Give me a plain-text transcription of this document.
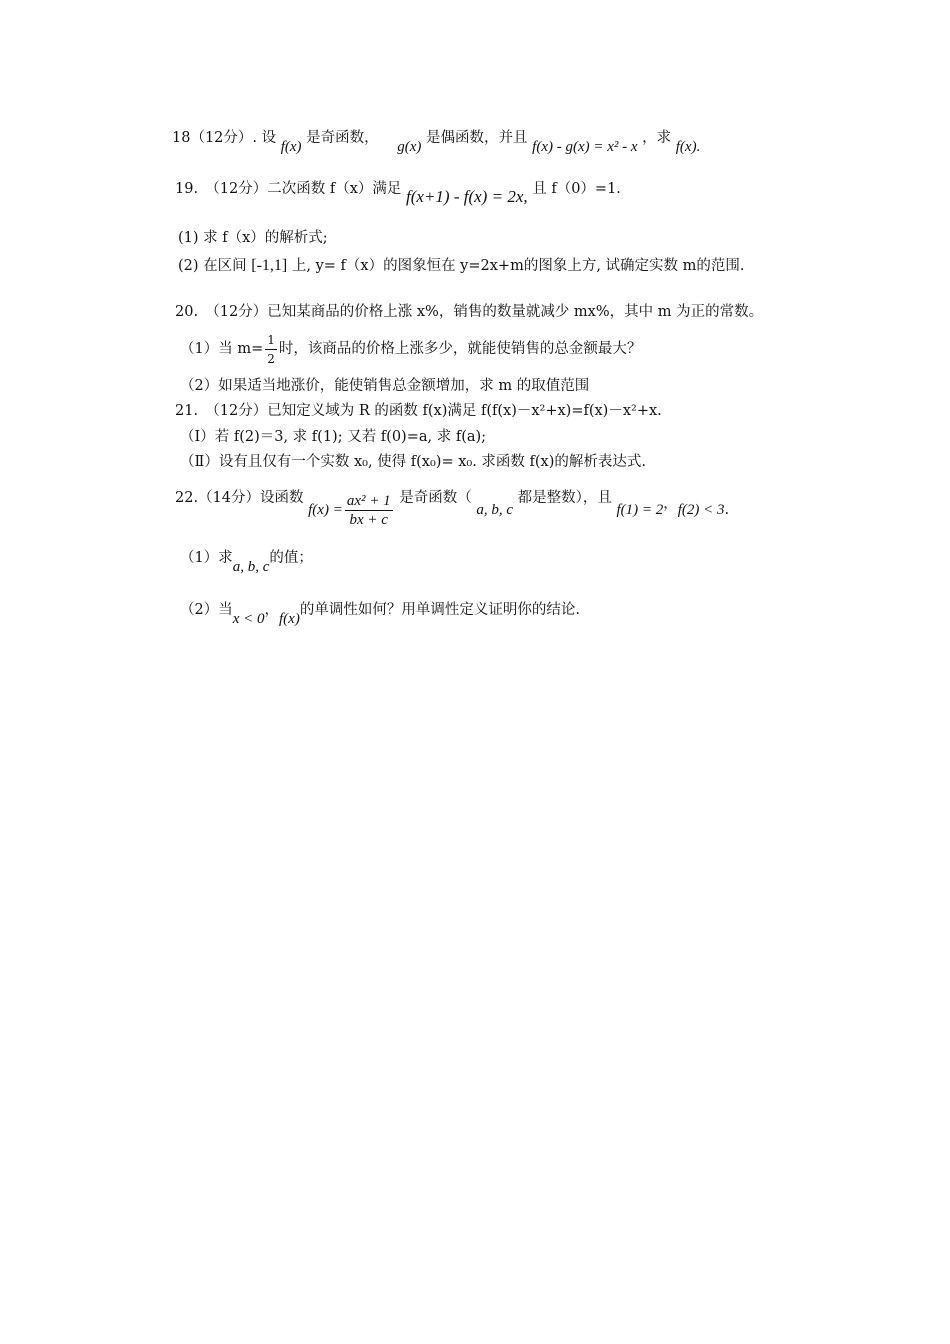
18（12分）. 设 f(x) 是奇函数， g(x) 是偶函数，并且 f(x) - g(x) = x² - x ，求 f(x).
19.　（12分）二次函数 f（x）满足 f(x+1) - f(x) = 2x, 且 f（0）=1.
(1) 求 f（x）的解析式;
(2) 在区间 [-1,1] 上, y= f（x）的图象恒在 y=2x+m的图象上方, 试确定实数 m的范围.
20.　（12分）已知某商品的价格上涨 x%，销售的数量就减少 mx%，其中 m 为正的常数。
（1）当 $m= \frac{1}{2}$ 时，该商品的价格上涨多少，就能使销售的总金额最大？
（2）如果适当地涨价，能使销售总金额增加，求 m 的取值范围
21.　（12分）已知定义域为 R 的函数 f(x)满足 f(f(x)－x²+x)=f(x)－x²+x.
（Ⅰ）若 f(2)＝3, 求 f(1); 又若 f(0)=a, 求 f(a);
（Ⅱ）设有且仅有一个实数 x₀, 使得 f(x₀)= x₀. 求函数 f(x)的解析表达式.
22.（14分）设函数 $f(x) = \frac{\text{ax² + 1}}{bx + c}$ 是奇函数（ a, b, c 都是整数），且 f(1) = 2，f(2) < 3.
（1）求a, b, c的值；
（2）当x < 0，f(x)的单调性如何？用单调性定义证明你的结论.
